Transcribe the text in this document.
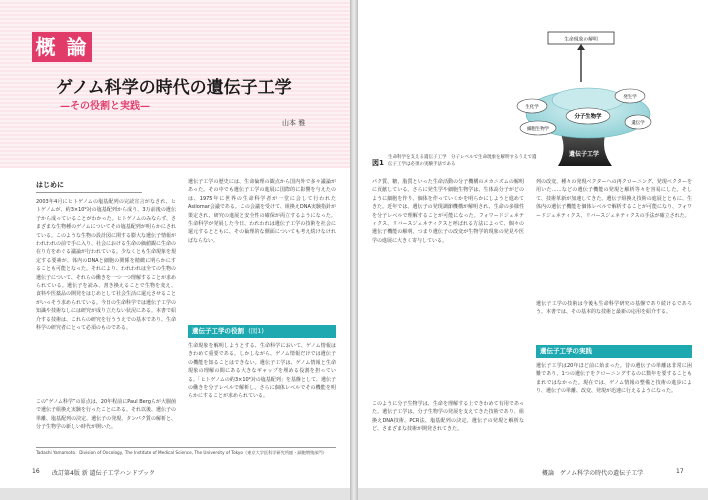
概 論
ゲノム科学の時代の遺伝子工学
—その役割と実践—
山本 雅
はじめに
2003年4月にヒトゲノムの塩基配列の完読宣言がなされ、ヒトゲノムが、約3×10⁹対の塩基配列から成り、3万前後の遺伝子から成っていることがわかった。ヒトゲノムのみならず、さまざまな生物種のゲノムについてその塩基配列が明らかにされている。このような生物の設計図に関する膨大な遺伝子情報がわれわれの前で手に入り、社会における生命の価値観に生命の在り方をめぐる議論が行われている。少なくとも生命現象を規定する要素が、体内のDNAと細胞の関係を精緻に明らかにすることも可能となった。それにより、われわれは全ての生物の遺伝子について、それらの働きを一つ一つ理解することが求められている。遺伝子を読み、書き換えることで生物を変え、食料や医薬品の開発をはじめとして社会生活に還元させることがいっそう求められている。今日の生命科学では遺伝子工学の知識や技術なしには研究が成り立たない状況にある。本書で紹介する技術は、これらの研究を行ううえでの基本であり、生命科学の研究者にとって必須のものである。
この“ゲノム科学”の原点は、20年程前にPaul Bergらが大腸菌で遺伝子組換え実験を行ったことにある。それ以後、遺伝子の単離、塩基配列の決定、遺伝子の発現、タンパク質の解析と、分子生物学の新しい時代が開いた。
遺伝子工学の歴史には、生命倫理の観点から国内外で多々議論があった。その中でも遺伝子工学の進展に国際的に影響を与えたのは、1975年に世界の生命科学者が一堂に会して行われたAsilomar会議である。この会議を受けて、組換えDNA実験指針が策定され、研究の進展と安全性の確保が両立するようになった。生命科学が発展した今日、われわれは遺伝子工学の技術を社会に還元するとともに、その倫理的な側面についても考え続けなければならない。
遺伝子工学の役割 (図1)
生命現象を解明しようとする、生命科学において、ゲノム情報はきわめて重要である。しかしながら、ゲノム情報だけでは遺伝子の機能を知ることはできない。遺伝子工学は、ゲノム情報と生命現象の理解の間にある大きなギャップを埋める役割を担っている。「ヒトゲノムの約3×10⁹対の塩基配列」を基盤として、遺伝子の働きを分子レベルで解析し、さらに個体レベルでその機能を明らかにすることが求められている。
Tadashi Yamamoto：Division of Oncology, The Institute of Medical Science, The University of Tokyo（東京大学医科学研究所癌・細胞増殖部門）
16 改訂第4版 新 遺伝子工学ハンドブック
生命現象の解明
遺伝子工学
発生学
生化学
分子生物学
細胞生物学
遺伝学
図1
生命科学を支える遺伝子工学　分子レベルで生命現象を解明するうえで遺伝子工学は必須の実験手法である
パク質、糖、脂質といった生命活動の分子機構のメカニズムの解明に貢献している。さらに発生学や細胞生物学は、生体高分子がどのように細胞を作り、個体を作っていくかを明らかにしようと進めてきた。近年では、遺伝子の発現調節機構が解明され、生命の多様性を分子レベルで理解することが可能になった。フォワードジェネティクス、リバースジェネティクスと呼ばれる方法によって、個々の遺伝子機能の解明、つまり遺伝子の改変が生物学的現象の発見や医学の進展に大きく寄与している。
このように分子生物学は、生命を理解する上できわめて有用であった。遺伝子工学は、分子生物学の発展を支えてきた技術であり、組換えDNA技術、PCR法、塩基配列の決定、遺伝子の発現と解析など、さまざまな技術が開発されてきた。
列の改変、種々の発現ベクターへの再クローニング、発現ベクターを用いた……などの遺伝子機能の発現と解析等々を容易にした。そして、技術革新が加速してきた。遺伝子組換え技術の進展とともに、生体内の遺伝子機能を個体レベルで解析することが可能になり、フォワードジェネティクス、リバースジェネティクスの手法が確立された。
遺伝子工学の技術は今後も生命科学研究の基盤であり続けるであろう。本書では、その基本的な技術と最新の応用を紹介する。
遺伝子工学の実践
遺伝子工学は20年ほど前に始まった。昔の遺伝子の単離は非常に困難であり、1つの遺伝子をクローニングするのに数年を要することもまれではなかった。現在では、ゲノム情報の整備と技術の進歩により、遺伝子の単離、改変、発現が迅速に行えるようになった。
概論　ゲノム科学の時代の遺伝子工学	17
